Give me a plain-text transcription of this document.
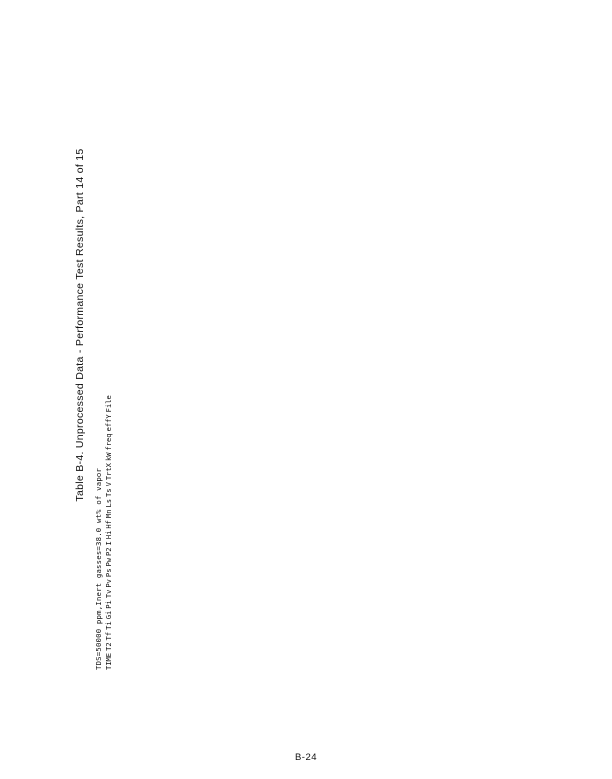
Table B-4. Unprocessed Data - Performance Test Results, Part 14 of 15
TDS=50000 ppm,Inert gasses=38.0 wt% of vapor TIME	T2	Tf	Ti	Gi	Pi	Tv	Pv	Ps	Pw	P2	I	Hi	Hf	Mn	Ls	Ts	V	TrtX	kW	freq	effY	File
B-24
